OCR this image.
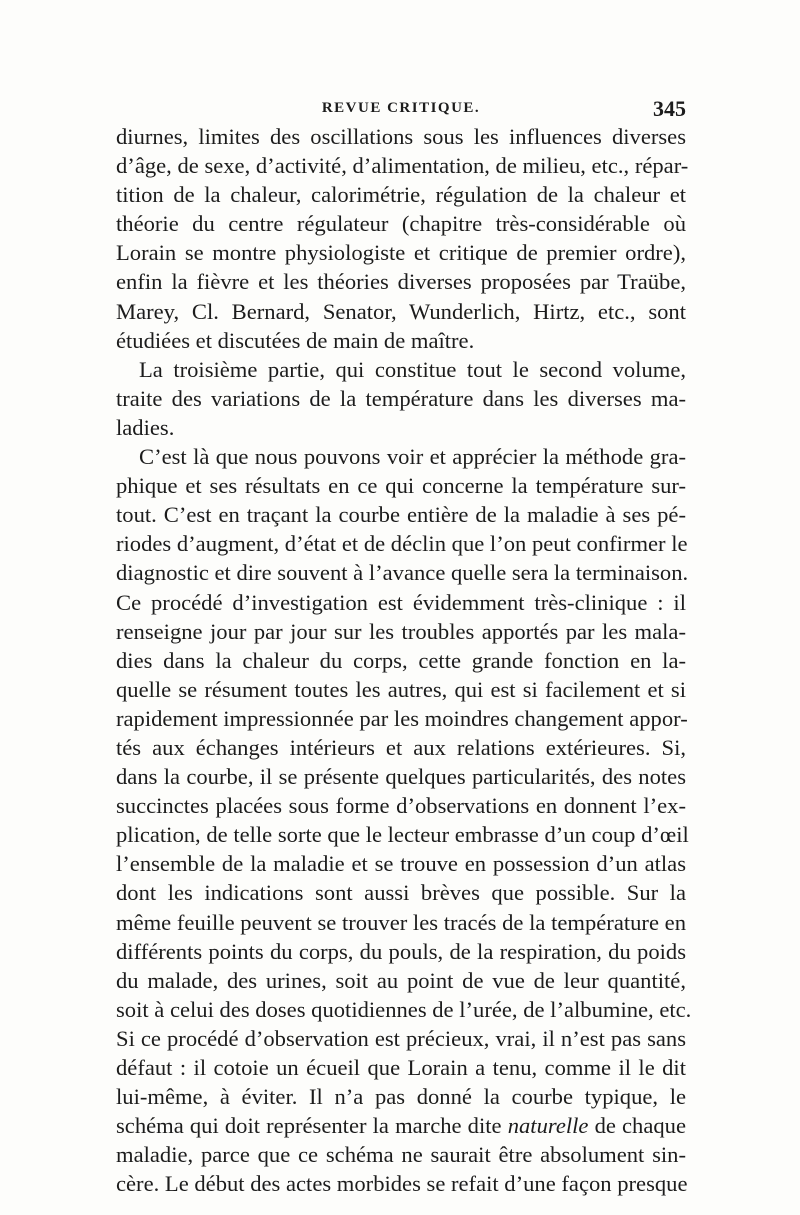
REVUE CRITIQUE.	345
diurnes, limites des oscillations sous les influences diverses
d’âge, de sexe, d’activité, d’alimentation, de milieu, etc., répar-
tition de la chaleur, calorimétrie, régulation de la chaleur et
théorie du centre régulateur (chapitre très-considérable où
Lorain se montre physiologiste et critique de premier ordre),
enfin la fièvre et les théories diverses proposées par Traübe,
Marey, Cl. Bernard, Senator, Wunderlich, Hirtz, etc., sont
étudiées et discutées de main de maître.
La troisième partie, qui constitue tout le second volume,
traite des variations de la température dans les diverses ma-
ladies.
C’est là que nous pouvons voir et apprécier la méthode gra-
phique et ses résultats en ce qui concerne la température sur-
tout. C’est en traçant la courbe entière de la maladie à ses pé-
riodes d’augment, d’état et de déclin que l’on peut confirmer le
diagnostic et dire souvent à l’avance quelle sera la terminaison.
Ce procédé d’investigation est évidemment très-clinique : il
renseigne jour par jour sur les troubles apportés par les mala-
dies dans la chaleur du corps, cette grande fonction en la-
quelle se résument toutes les autres, qui est si facilement et si
rapidement impressionnée par les moindres changement appor-
tés aux échanges intérieurs et aux relations extérieures. Si,
dans la courbe, il se présente quelques particularités, des notes
succinctes placées sous forme d’observations en donnent l’ex-
plication, de telle sorte que le lecteur embrasse d’un coup d’œil
l’ensemble de la maladie et se trouve en possession d’un atlas
dont les indications sont aussi brèves que possible. Sur la
même feuille peuvent se trouver les tracés de la température en
différents points du corps, du pouls, de la respiration, du poids
du malade, des urines, soit au point de vue de leur quantité,
soit à celui des doses quotidiennes de l’urée, de l’albumine, etc.
Si ce procédé d’observation est précieux, vrai, il n’est pas sans
défaut : il cotoie un écueil que Lorain a tenu, comme il le dit
lui-même, à éviter. Il n’a pas donné la courbe typique, le
schéma qui doit représenter la marche dite naturelle de chaque
maladie, parce que ce schéma ne saurait être absolument sin-
cère. Le début des actes morbides se refait d’une façon presque
